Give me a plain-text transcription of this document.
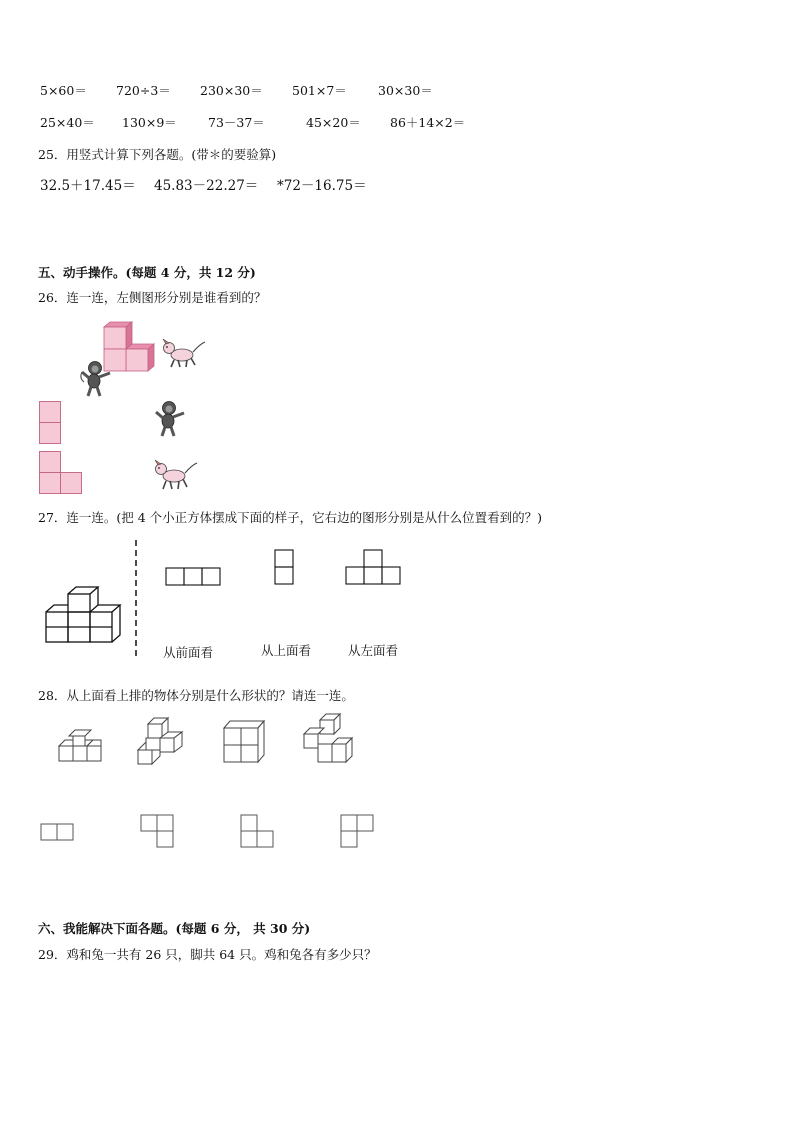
5×60＝ 720÷3＝ 230×30＝ 501×7＝ 30×30＝
25×40＝ 130×9＝ 73－37＝	45×20＝ 86＋14×2＝
25．用竖式计算下列各题。(带＊的要验算)
32.5＋17.45＝ 45.83－22.27＝ *72－16.75＝
五、动手操作。(每题 4 分，共 12 分)
26．连一连，左侧图形分别是谁看到的？
27．连一连。(把 4 个小正方体摆成下面的样子，它右边的图形分别是从什么位置看到的？)
从前面看	从上面看	从左面看
28．从上面看上排的物体分别是什么形状的？请连一连。
六、我能解决下面各题。(每题 6 分， 共 30 分)
29．鸡和兔一共有 26 只，脚共 64 只。鸡和兔各有多少只？
